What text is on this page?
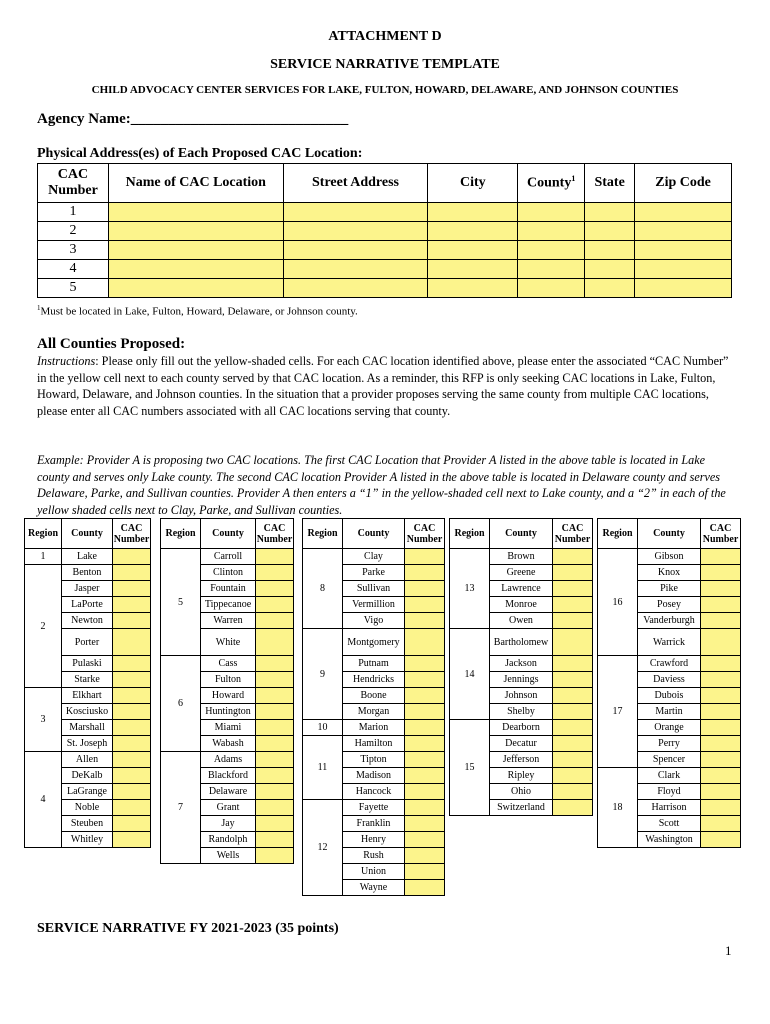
ATTACHMENT D
SERVICE NARRATIVE TEMPLATE
CHILD ADVOCACY CENTER SERVICES FOR LAKE, FULTON, HOWARD, DELAWARE, AND JOHNSON COUNTIES
Agency Name:_____________________________
Physical Address(es) of Each Proposed CAC Location:
CAC Number	Name of CAC Location	Street Address	City	County$^1$	State	Zip Code
1						
2						
3						
4						
5						
$^1$Must be located in Lake, Fulton, Howard, Delaware, or Johnson county.
All Counties Proposed:
Instructions: Please only fill out the yellow-shaded cells. For each CAC location identified above, please enter the associated “CAC Number” in the yellow cell next to each county served by that CAC location. As a reminder, this RFP is only seeking CAC locations in Lake, Fulton, Howard, Delaware, and Johnson counties. In the situation that a provider proposes serving the same county from multiple CAC locations, please enter all CAC numbers associated with all CAC locations serving that county.
Example: Provider A is proposing two CAC locations. The first CAC Location that Provider A listed in the above table is located in Lake county and serves only Lake county. The second CAC location Provider A listed in the above table is located in Delaware county and serves Delaware, Parke, and Sullivan counties. Provider A then enters a “1” in the yellow-shaded cell next to Lake county, and a “2” in each of the yellow shaded cells next to Clay, Parke, and Sullivan counties.
Region	County	CAC Number
1	Lake	
2	Benton	
	Jasper	
	LaPorte	
	Newton	
	Porter	
	Pulaski	
	Starke	
3	Elkhart	
	Kosciusko	
	Marshall	
	St. Joseph	
4	Allen	
	DeKalb	
	LaGrange	
	Noble	
	Steuben	
	Whitley	
Region	County	CAC Number
5	Carroll	
	Clinton	
	Fountain	
	Tippecanoe	
	Warren	
	White	
6	Cass	
	Fulton	
	Howard	
	Huntington	
	Miami	
	Wabash	
7	Adams	
	Blackford	
	Delaware	
	Grant	
	Jay	
	Randolph	
	Wells	
Region	County	CAC Number
8	Clay	
	Parke	
	Sullivan	
	Vermillion	
	Vigo	
9	Montgomery	
	Putnam	
	Hendricks	
	Boone	
	Morgan	
10	Marion	
11	Hamilton	
	Tipton	
	Madison	
	Hancock	
12	Fayette	
	Franklin	
	Henry	
	Rush	
	Union	
	Wayne	
Region	County	CAC Number
13	Brown	
	Greene	
	Lawrence	
	Monroe	
	Owen	
14	Bartholomew	
	Jackson	
	Jennings	
	Johnson	
	Shelby	
15	Dearborn	
	Decatur	
	Jefferson	
	Ripley	
	Ohio	
	Switzerland	
Region	County	CAC Number
16	Gibson	
	Knox	
	Pike	
	Posey	
	Vanderburgh	
	Warrick	
17	Crawford	
	Daviess	
	Dubois	
	Martin	
	Orange	
	Perry	
	Spencer	
18	Clark	
	Floyd	
	Harrison	
	Scott	
	Washington	
SERVICE NARRATIVE FY 2021-2023 (35 points)
1
